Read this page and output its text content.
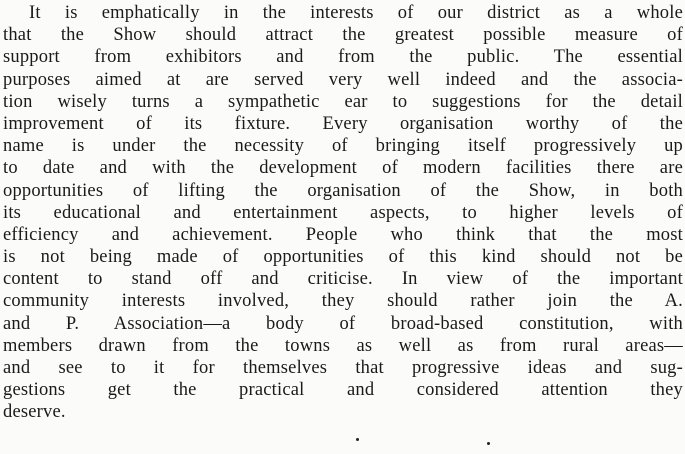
It is emphatically in the interests of our district as a whole
that the Show should attract the greatest possible measure of
support from exhibitors and from the public. The essential
purposes aimed at are served very well indeed and the associa-
tion wisely turns a sympathetic ear to suggestions for the detail
improvement of its fixture. Every organisation worthy of the
name is under the necessity of bringing itself progressively up
to date and with the development of modern facilities there are
opportunities of lifting the organisation of the Show, in both
its educational and entertainment aspects, to higher levels of
efficiency and achievement. People who think that the most
is not being made of opportunities of this kind should not be
content to stand off and criticise. In view of the important
community interests involved, they should rather join the A.
and P. Association—a body of broad-based constitution, with
members drawn from the towns as well as from rural areas—
and see to it for themselves that progressive ideas and sug-
gestions get the practical and considered attention they
deserve.
